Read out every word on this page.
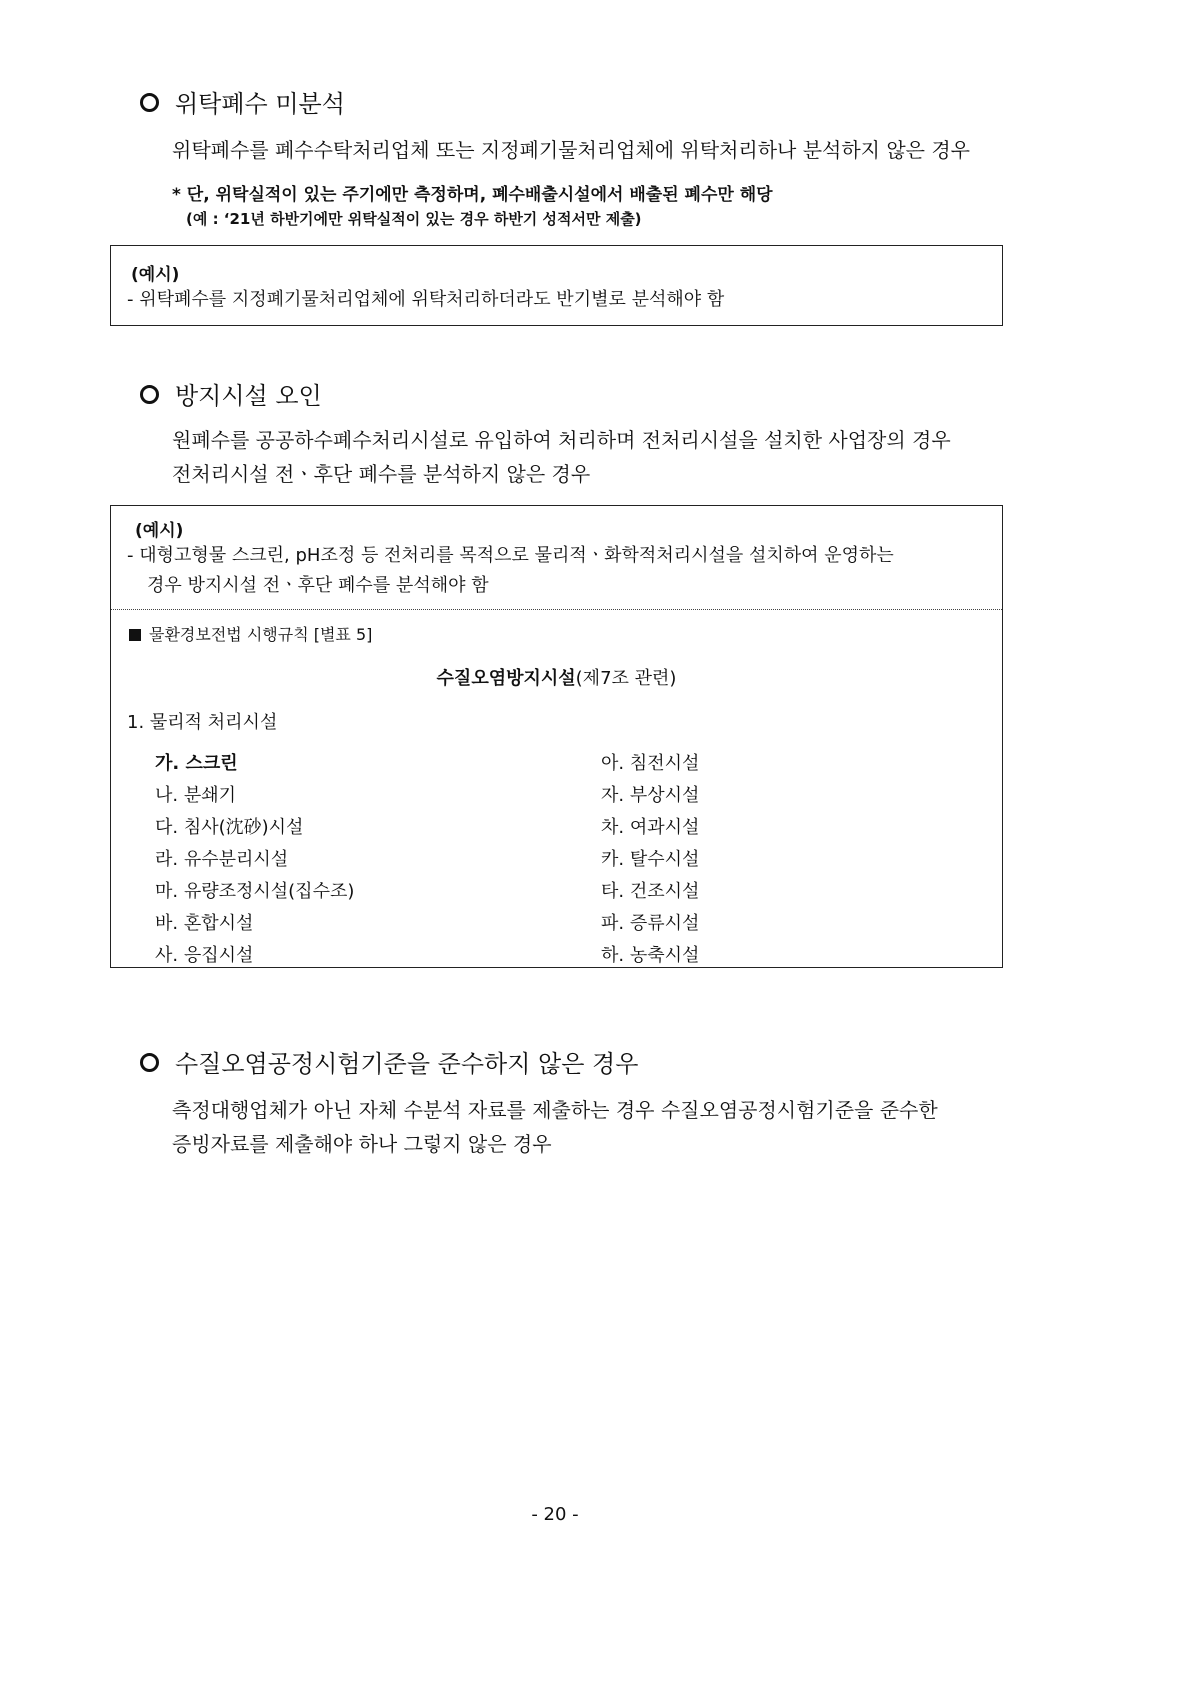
위탁폐수 미분석
위탁폐수를 폐수수탁처리업체 또는 지정폐기물처리업체에 위탁처리하나 분석하지 않은 경우
* 단, 위탁실적이 있는 주기에만 측정하며, 폐수배출시설에서 배출된 폐수만 해당
(예 : ‘21년 하반기에만 위탁실적이 있는 경우 하반기 성적서만 제출)
(예시)
- 위탁폐수를 지정폐기물처리업체에 위탁처리하더라도 반기별로 분석해야 함
방지시설 오인
원폐수를 공공하수폐수처리시설로 유입하여 처리하며 전처리시설을 설치한 사업장의 경우
전처리시설 전ㆍ후단 폐수를 분석하지 않은 경우
(예시)
- 대형고형물 스크린, pH조정 등 전처리를 목적으로 물리적ㆍ화학적처리시설을 설치하여 운영하는
경우 방지시설 전ㆍ후단 폐수를 분석해야 함
물환경보전법 시행규칙 [별표 5]
수질오염방지시설(제7조 관련)
1. 물리적 처리시설
가. 스크린
나. 분쇄기
다. 침사(沈砂)시설
라. 유수분리시설
마. 유량조정시설(집수조)
바. 혼합시설
사. 응집시설
아. 침전시설
자. 부상시설
차. 여과시설
카. 탈수시설
타. 건조시설
파. 증류시설
하. 농축시설
수질오염공정시험기준을 준수하지 않은 경우
측정대행업체가 아닌 자체 수분석 자료를 제출하는 경우 수질오염공정시험기준을 준수한
증빙자료를 제출해야 하나 그렇지 않은 경우
- 20 -
